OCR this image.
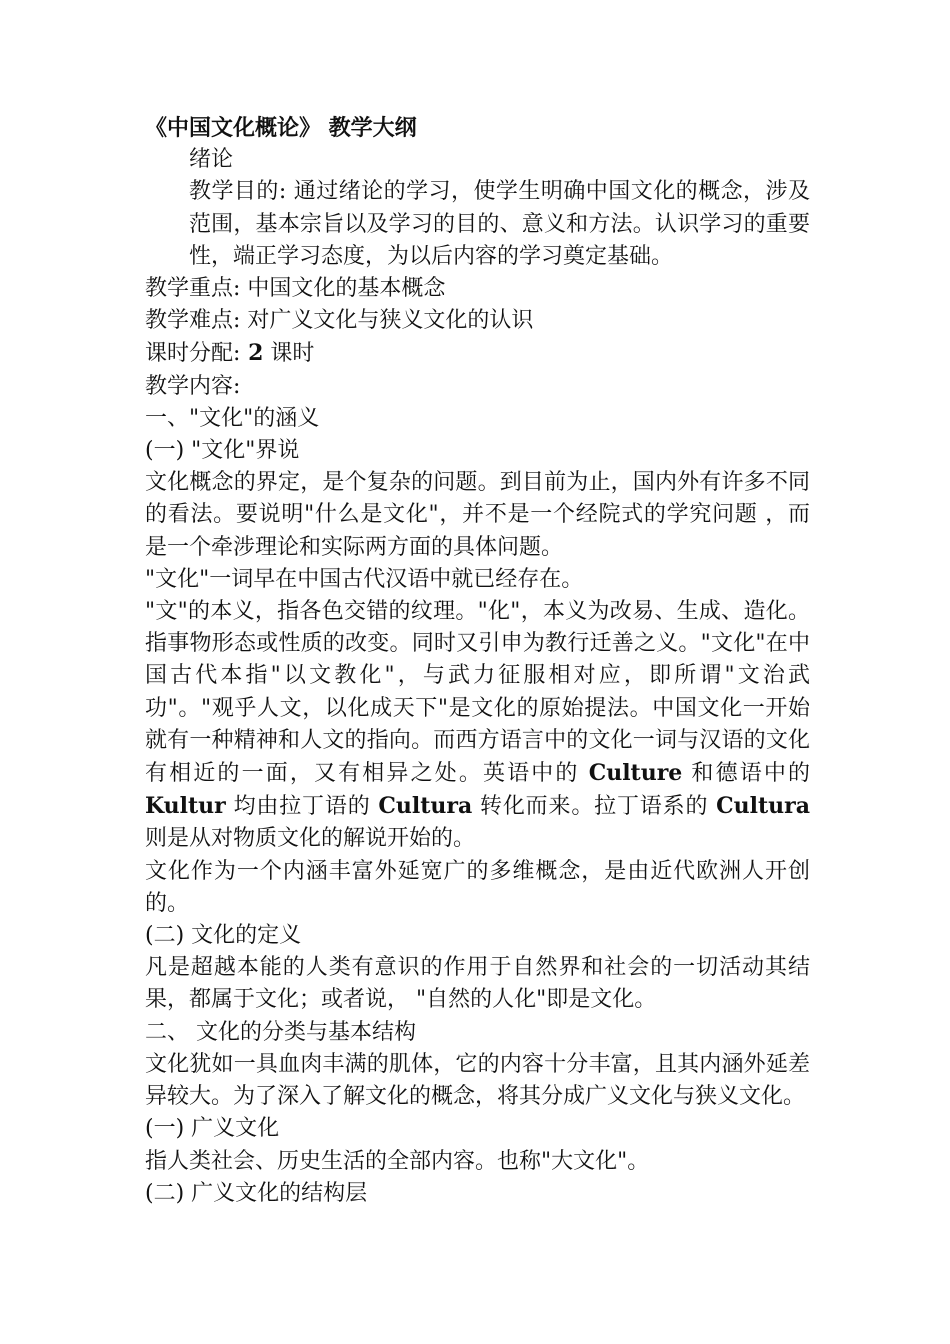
《中国文化概论》 教学大纲

绪论

教学目的: 通过绪论的学习，使学生明确中国文化的概念，涉及范围，基本宗旨以及学习的目的、意义和方法。认识学习的重要性，端正学习态度，为以后内容的学习奠定基础。

教学重点: 中国文化的基本概念

教学难点: 对广义文化与狭义文化的认识

课时分配: 2 课时

教学内容:

一、"文化"的涵义

(一) "文化"界说

文化概念的界定，是个复杂的问题。到目前为止，国内外有许多不同的看法。要说明"什么是文化"，并不是一个经院式的学究问题 ，而是一个牵涉理论和实际两方面的具体问题。

"文化"一词早在中国古代汉语中就已经存在。

"文"的本义，指各色交错的纹理。"化"，本义为改易、生成、造化。指事物形态或性质的改变。同时又引申为教行迁善之义。"文化"在中国古代本指"以文教化"，与武力征服相对应，即所谓"文治武功"。"观乎人文，以化成天下"是文化的原始提法。中国文化一开始就有一种精神和人文的指向。而西方语言中的文化一词与汉语的文化有相近的一面，又有相异之处。英语中的 Culture 和德语中的 Kultur 均由拉丁语的 Cultura 转化而来。拉丁语系的 Cultura 则是从对物质文化的解说开始的。

文化作为一个内涵丰富外延宽广的多维概念，是由近代欧洲人开创的。

(二) 文化的定义

凡是超越本能的人类有意识的作用于自然界和社会的一切活动其结果，都属于文化；或者说， "自然的人化"即是文化。

二、 文化的分类与基本结构

文化犹如一具血肉丰满的肌体，它的内容十分丰富，且其内涵外延差异较大。为了深入了解文化的概念，将其分成广义文化与狭义文化。

(一) 广义文化

指人类社会、历史生活的全部内容。也称"大文化"。

(二) 广义文化的结构层
